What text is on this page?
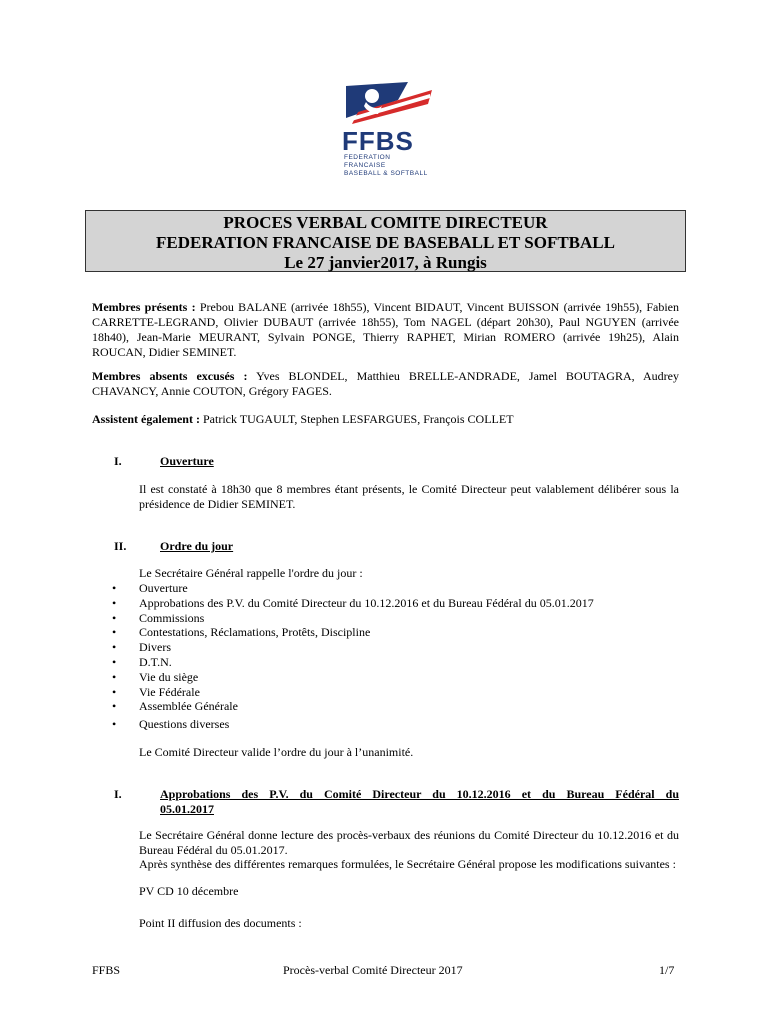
FFBS
FEDERATION FRANCAISE
BASEBALL & SOFTBALL
PROCES VERBAL COMITE DIRECTEUR
FEDERATION FRANCAISE DE BASEBALL ET SOFTBALL
Le 27 janvier2017, à Rungis
Membres présents : Prebou BALANE (arrivée 18h55), Vincent BIDAUT, Vincent BUISSON (arrivée 19h55), Fabien CARRETTE-LEGRAND, Olivier DUBAUT (arrivée 18h55), Tom NAGEL (départ 20h30), Paul NGUYEN (arrivée 18h40), Jean-Marie MEURANT, Sylvain PONGE, Thierry RAPHET, Mirian ROMERO (arrivée 19h25), Alain ROUCAN, Didier SEMINET.
Membres absents excusés : Yves BLONDEL, Matthieu BRELLE-ANDRADE, Jamel BOUTAGRA, Audrey CHAVANCY, Annie COUTON, Grégory FAGES.
Assistent également : Patrick TUGAULT, Stephen LESFARGUES, François COLLET
I.	Ouverture
Il est constaté à 18h30 que 8 membres étant présents, le Comité Directeur peut valablement délibérer sous la présidence de Didier SEMINET.
II.	Ordre du jour
Le Secrétaire Général rappelle l'ordre du jour :
• Ouverture
• Approbations des P.V. du Comité Directeur du 10.12.2016 et du Bureau Fédéral du 05.01.2017
• Commissions
• Contestations, Réclamations, Protêts, Discipline
• Divers
• D.T.N.
• Vie du siège
• Vie Fédérale
• Assemblée Générale
• Questions diverses
Le Comité Directeur valide l’ordre du jour à l’unanimité.
I.	Approbations des P.V. du Comité Directeur du 10.12.2016 et du Bureau Fédéral du
05.01.2017
Le Secrétaire Général donne lecture des procès-verbaux des réunions du Comité Directeur du 10.12.2016 et du Bureau Fédéral du 05.01.2017.
Après synthèse des différentes remarques formulées, le Secrétaire Général propose les modifications suivantes :
PV CD 10 décembre
Point II diffusion des documents :
FFBS	Procès-verbal Comité Directeur 2017	1/7
